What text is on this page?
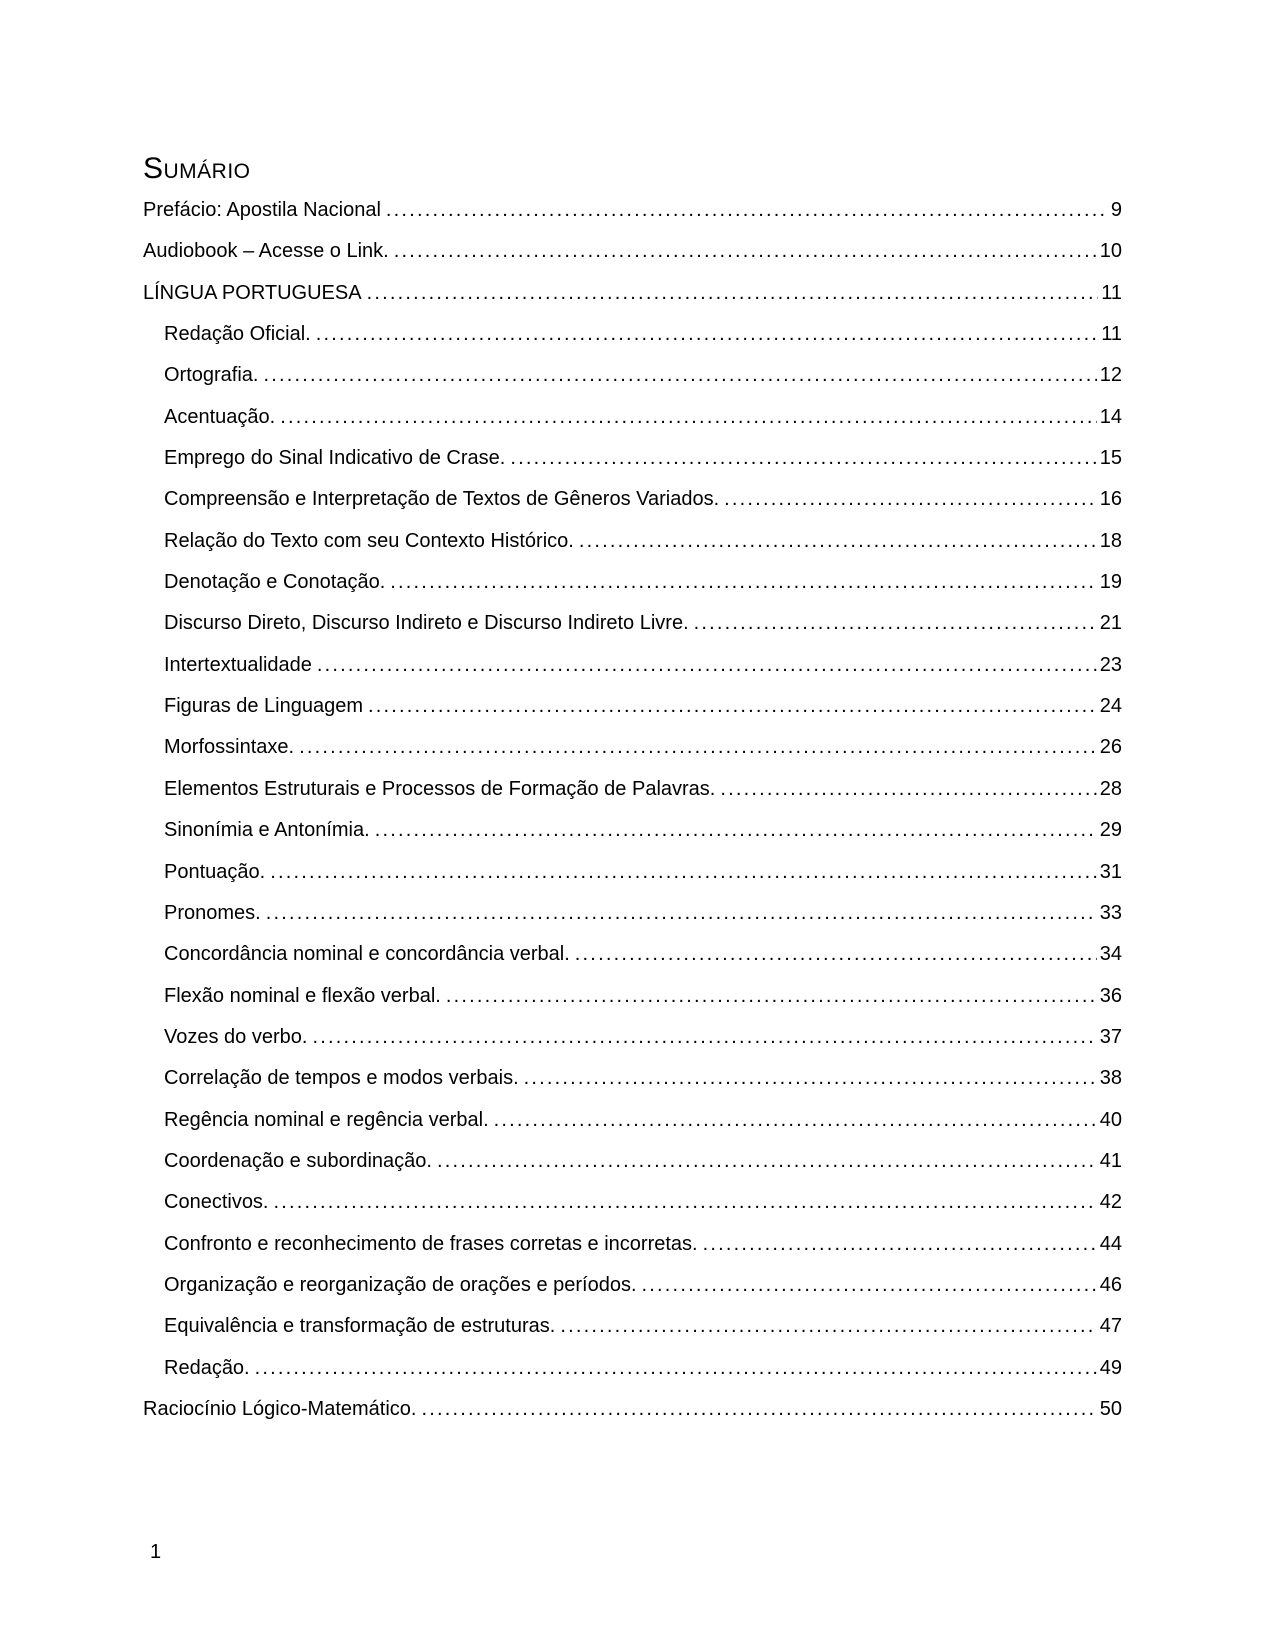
Sumário
Prefácio: Apostila Nacional .....	9
Audiobook – Acesse o Link. .....	10
LÍNGUA PORTUGUESA .....	11
Redação Oficial. .....	11
Ortografia. .....	12
Acentuação. .....	14
Emprego do Sinal Indicativo de Crase. .....	15
Compreensão e Interpretação de Textos de Gêneros Variados. .....	16
Relação do Texto com seu Contexto Histórico. .....	18
Denotação e Conotação. .....	19
Discurso Direto, Discurso Indireto e Discurso Indireto Livre. .....	21
Intertextualidade .....	23
Figuras de Linguagem .....	24
Morfossintaxe. .....	26
Elementos Estruturais e Processos de Formação de Palavras. .....	28
Sinonímia e Antonímia. .....	29
Pontuação. .....	31
Pronomes. .....	33
Concordância nominal e concordância verbal. .....	34
Flexão nominal e flexão verbal. .....	36
Vozes do verbo. .....	37
Correlação de tempos e modos verbais. .....	38
Regência nominal e regência verbal. .....	40
Coordenação e subordinação. .....	41
Conectivos. .....	42
Confronto e reconhecimento de frases corretas e incorretas. .....	44
Organização e reorganização de orações e períodos. .....	46
Equivalência e transformação de estruturas. .....	47
Redação. .....	49
Raciocínio Lógico-Matemático. .....	50
1
